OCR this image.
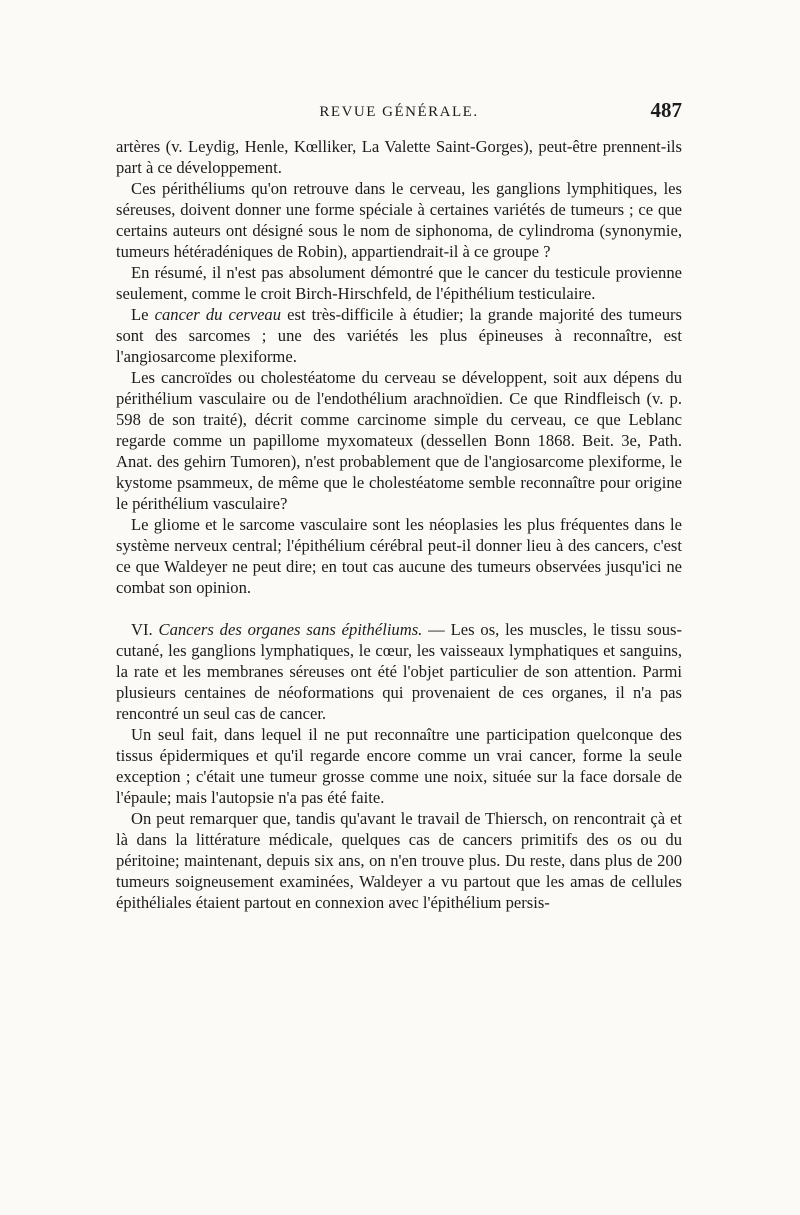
REVUE GÉNÉRALE.	487

artères (v. Leydig, Henle, Kœlliker, La Valette Saint-Gorges), peut-être prennent-ils part à ce développement.

Ces périthéliums qu'on retrouve dans le cerveau, les ganglions lymphitiques, les séreuses, doivent donner une forme spéciale à certaines variétés de tumeurs ; ce que certains auteurs ont désigné sous le nom de siphonoma, de cylindroma (synonymie, tumeurs hétéradéniques de Robin), appartiendrait-il à ce groupe ?

En résumé, il n'est pas absolument démontré que le cancer du testicule provienne seulement, comme le croit Birch-Hirschfeld, de l'épithélium testiculaire.

Le cancer du cerveau est très-difficile à étudier; la grande majorité des tumeurs sont des sarcomes ; une des variétés les plus épineuses à reconnaître, est l'angiosarcome plexiforme.

Les cancroïdes ou cholestéatome du cerveau se développent, soit aux dépens du périthélium vasculaire ou de l'endothélium arachnoïdien. Ce que Rindfleisch (v. p. 598 de son traité), décrit comme carcinome simple du cerveau, ce que Leblanc regarde comme un papillome myxomateux (dessellen Bonn 1868. Beit. 3e, Path. Anat. des gehirn Tumoren), n'est probablement que de l'angiosarcome plexiforme, le kystome psammeux, de même que le cholestéatome semble reconnaître pour origine le périthélium vasculaire?

Le gliome et le sarcome vasculaire sont les néoplasies les plus fréquentes dans le système nerveux central; l'épithélium cérébral peut-il donner lieu à des cancers, c'est ce que Waldeyer ne peut dire; en tout cas aucune des tumeurs observées jusqu'ici ne combat son opinion.

VI. Cancers des organes sans épithéliums. — Les os, les muscles, le tissu sous-cutané, les ganglions lymphatiques, le cœur, les vaisseaux lymphatiques et sanguins, la rate et les membranes séreuses ont été l'objet particulier de son attention. Parmi plusieurs centaines de néoformations qui provenaient de ces organes, il n'a pas rencontré un seul cas de cancer.

Un seul fait, dans lequel il ne put reconnaître une participation quelconque des tissus épidermiques et qu'il regarde encore comme un vrai cancer, forme la seule exception ; c'était une tumeur grosse comme une noix, située sur la face dorsale de l'épaule; mais l'autopsie n'a pas été faite.

On peut remarquer que, tandis qu'avant le travail de Thiersch, on rencontrait çà et là dans la littérature médicale, quelques cas de cancers primitifs des os ou du péritoine; maintenant, depuis six ans, on n'en trouve plus. Du reste, dans plus de 200 tumeurs soigneusement examinées, Waldeyer a vu partout que les amas de cellules épithéliales étaient partout en connexion avec l'épithélium persis-
